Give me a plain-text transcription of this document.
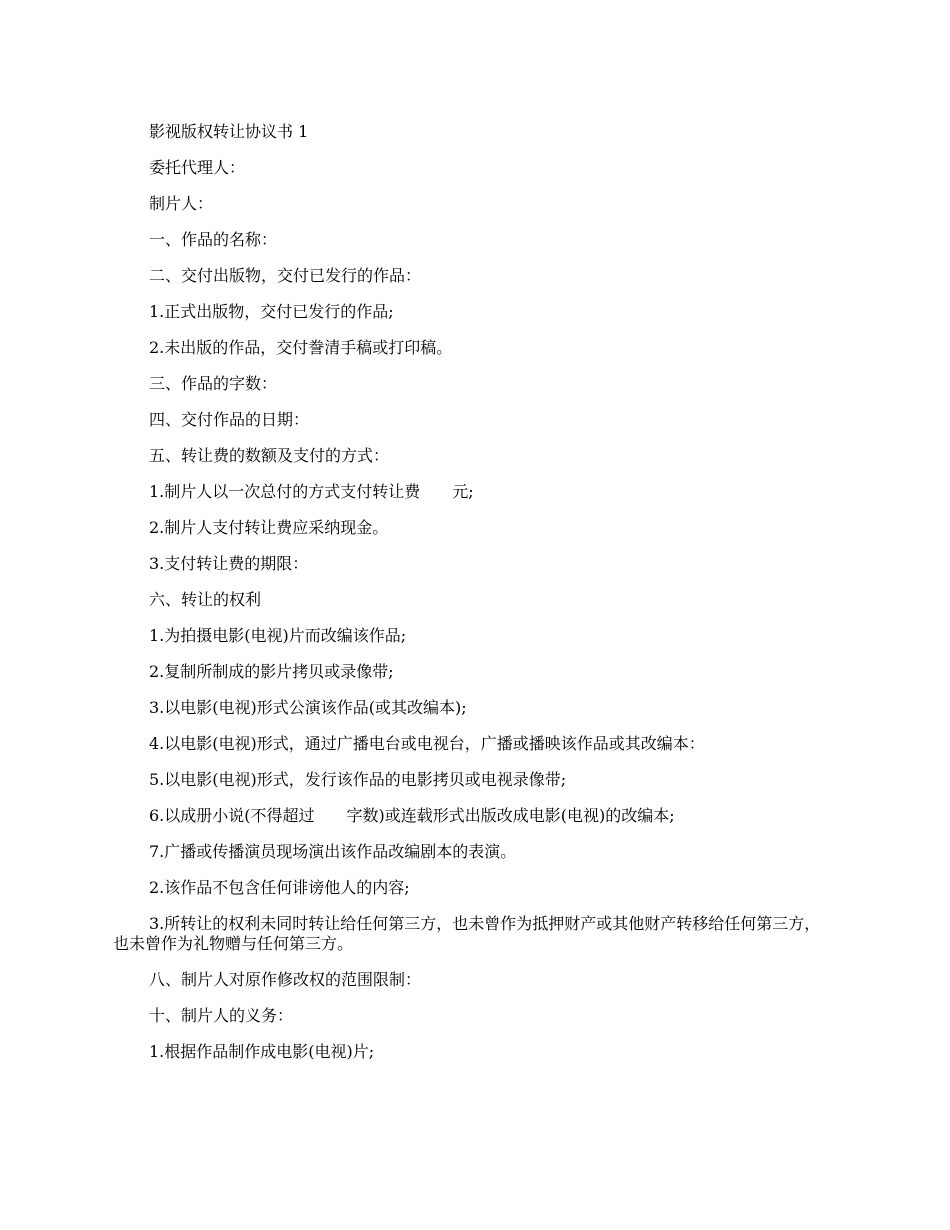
影视版权转让协议书 1

委托代理人：

制片人：

一、作品的名称：

二、交付出版物，交付已发行的作品：

1.正式出版物，交付已发行的作品;

2.未出版的作品，交付誊清手稿或打印稿。

三、作品的字数：

四、交付作品的日期：

五、转让费的数额及支付的方式：

1.制片人以一次总付的方式支付转让费　　元;

2.制片人支付转让费应采纳现金。

3.支付转让费的期限：

六、转让的权利

1.为拍摄电影(电视)片而改编该作品;

2.复制所制成的影片拷贝或录像带;

3.以电影(电视)形式公演该作品(或其改编本);

4.以电影(电视)形式，通过广播电台或电视台，广播或播映该作品或其改编本：

5.以电影(电视)形式，发行该作品的电影拷贝或电视录像带;

6.以成册小说(不得超过　　字数)或连载形式出版改成电影(电视)的改编本;

7.广播或传播演员现场演出该作品改编剧本的表演。

2.该作品不包含任何诽谤他人的内容;

3.所转让的权利未同时转让给任何第三方，也未曾作为抵押财产或其他财产转移给任何第三方，也未曾作为礼物赠与任何第三方。

八、制片人对原作修改权的范围限制：

十、制片人的义务：

1.根据作品制作成电影(电视)片;
